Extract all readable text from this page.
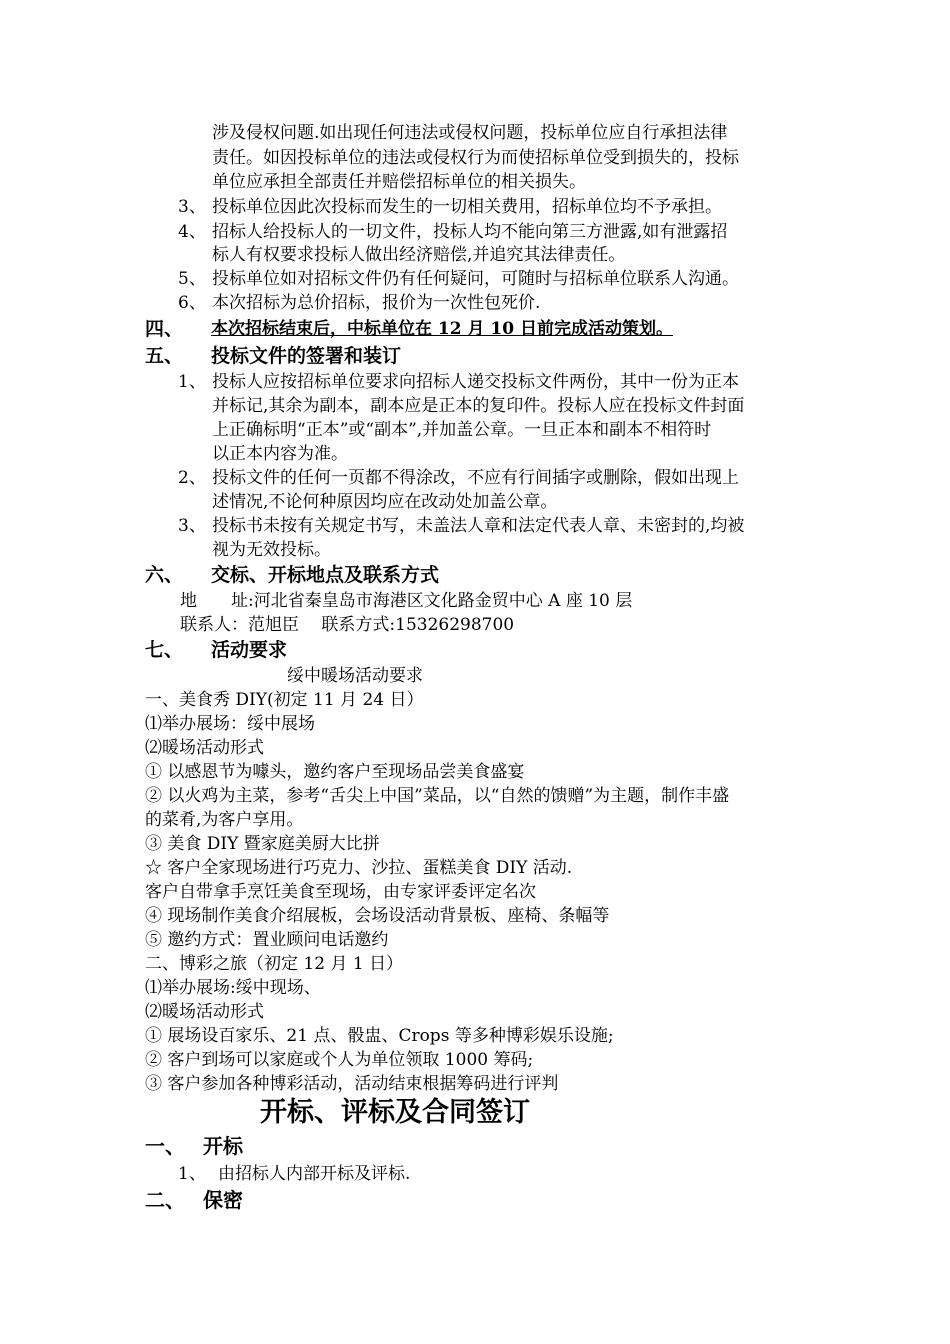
涉及侵权问题.如出现任何违法或侵权问题，投标单位应自行承担法律
责任。如因投标单位的违法或侵权行为而使招标单位受到损失的，投标
单位应承担全部责任并赔偿招标单位的相关损失。
3、 投标单位因此次投标而发生的一切相关费用，招标单位均不予承担。
4、 招标人给投标人的一切文件，投标人均不能向第三方泄露,如有泄露招
标人有权要求投标人做出经济赔偿,并追究其法律责任。
5、 投标单位如对招标文件仍有任何疑问，可随时与招标单位联系人沟通。
6、 本次招标为总价招标，报价为一次性包死价.
四、 本次招标结束后，中标单位在 12 月 10 日前完成活动策划。
五、 投标文件的签署和装订
1、 投标人应按招标单位要求向招标人递交投标文件两份，其中一份为正本
并标记,其余为副本，副本应是正本的复印件。投标人应在投标文件封面
上正确标明“正本”或“副本”,并加盖公章。一旦正本和副本不相符时
以正本内容为准。
2、 投标文件的任何一页都不得涂改，不应有行间插字或删除，假如出现上
述情况,不论何种原因均应在改动处加盖公章。
3、 投标书未按有关规定书写，未盖法人章和法定代表人章、未密封的,均被
视为无效投标。
六、 交标、开标地点及联系方式
地　　址:河北省秦皇岛市海港区文化路金贸中心 A 座 10 层
联系人：范旭臣　 联系方式:15326298700
七、 活动要求
绥中暖场活动要求
一、美食秀 DIY(初定 11 月 24 日）
⑴举办展场：绥中展场
⑵暖场活动形式
① 以感恩节为噱头，邀约客户至现场品尝美食盛宴
② 以火鸡为主菜，参考“舌尖上中国”菜品，以“自然的馈赠”为主题，制作丰盛
的菜肴,为客户享用。
③ 美食 DIY 暨家庭美厨大比拼
☆ 客户全家现场进行巧克力、沙拉、蛋糕美食 DIY 活动.
客户自带拿手烹饪美食至现场，由专家评委评定名次
④ 现场制作美食介绍展板，会场设活动背景板、座椅、条幅等
⑤ 邀约方式：置业顾问电话邀约
二、博彩之旅（初定 12 月 1 日）
⑴举办展场:绥中现场、
⑵暖场活动形式
① 展场设百家乐、21 点、骰盅、Crops 等多种博彩娱乐设施;
② 客户到场可以家庭或个人为单位领取 1000 筹码;
③ 客户参加各种博彩活动，活动结束根据筹码进行评判
开标、评标及合同签订
一、 开标
1、 由招标人内部开标及评标.
二、 保密
